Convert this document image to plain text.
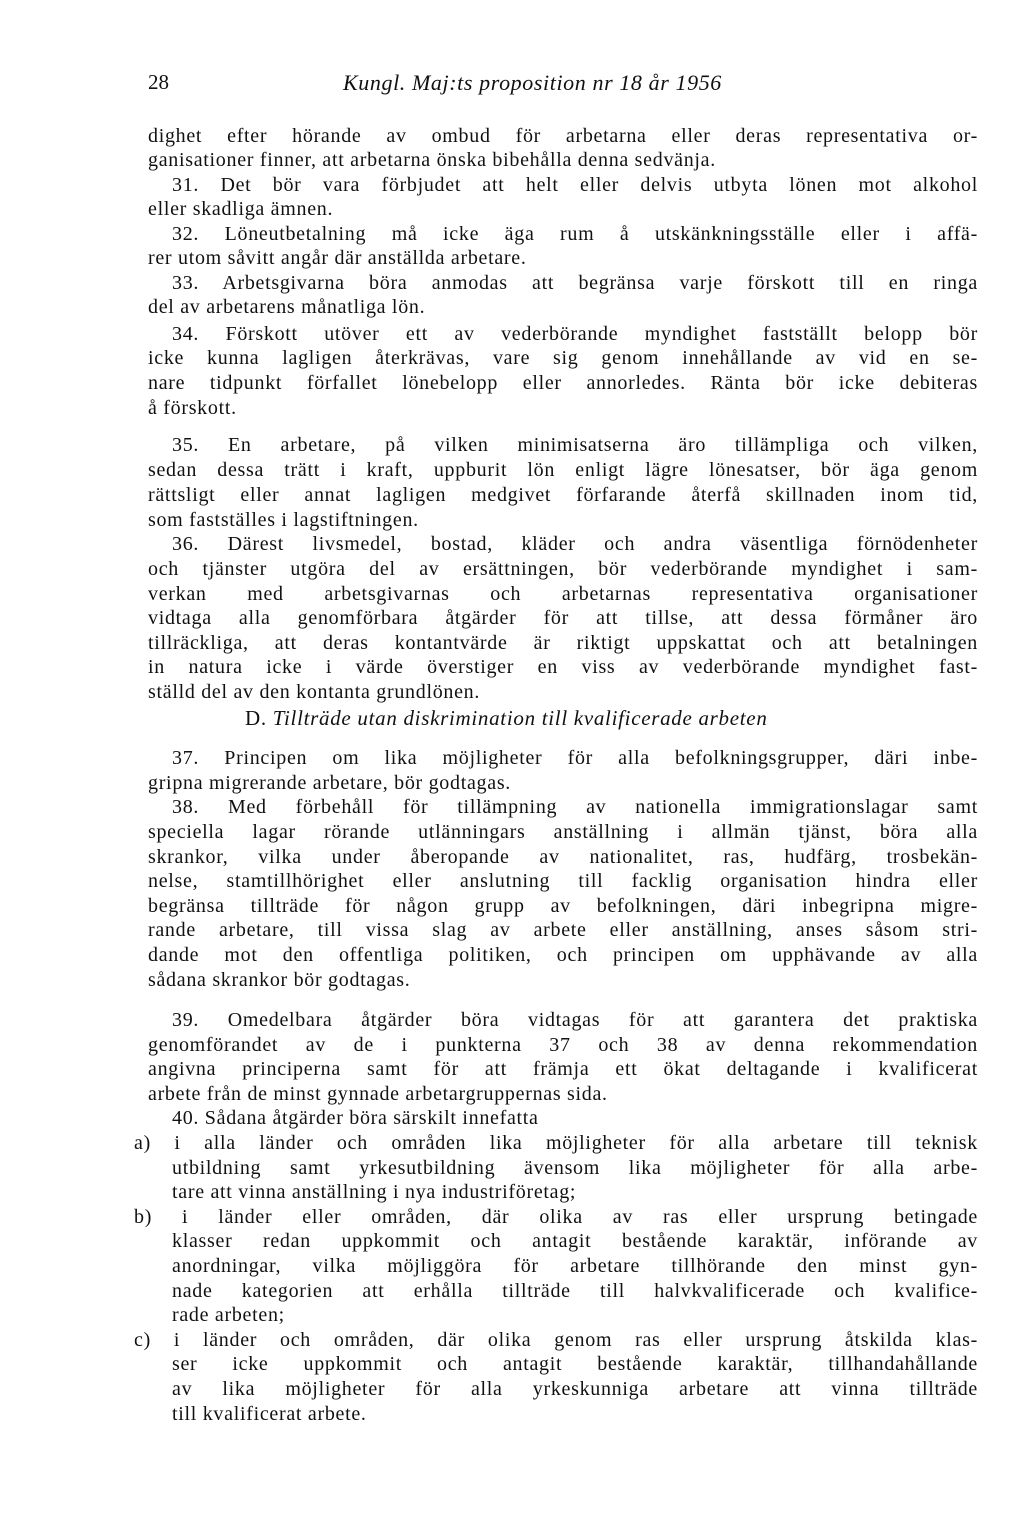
28	Kungl. Maj:ts proposition nr 18 år 1956
dighet efter hörande av ombud för arbetarna eller deras representativa or-
ganisationer finner, att arbetarna önska bibehålla denna sedvänja.
31. Det bör vara förbjudet att helt eller delvis utbyta lönen mot alkohol
eller skadliga ämnen.
32. Löneutbetalning må icke äga rum å utskänkningsställe eller i affä-
rer utom såvitt angår där anställda arbetare.
33. Arbetsgivarna böra anmodas att begränsa varje förskott till en ringa
del av arbetarens månatliga lön.
34. Förskott utöver ett av vederbörande myndighet fastställt belopp bör
icke kunna lagligen återkrävas, vare sig genom innehållande av vid en se-
nare tidpunkt förfallet lönebelopp eller annorledes. Ränta bör icke debiteras
å förskott.
35. En arbetare, på vilken minimisatserna äro tillämpliga och vilken,
sedan dessa trätt i kraft, uppburit lön enligt lägre lönesatser, bör äga genom
rättsligt eller annat lagligen medgivet förfarande återfå skillnaden inom tid,
som fastställes i lagstiftningen.
36. Därest livsmedel, bostad, kläder och andra väsentliga förnödenheter
och tjänster utgöra del av ersättningen, bör vederbörande myndighet i sam-
verkan med arbetsgivarnas och arbetarnas representativa organisationer
vidtaga alla genomförbara åtgärder för att tillse, att dessa förmåner äro
tillräckliga, att deras kontantvärde är riktigt uppskattat och att betalningen
in natura icke i värde överstiger en viss av vederbörande myndighet fast-
ställd del av den kontanta grundlönen.
D. Tillträde utan diskrimination till kvalificerade arbeten
37. Principen om lika möjligheter för alla befolkningsgrupper, däri inbe-
gripna migrerande arbetare, bör godtagas.
38. Med förbehåll för tillämpning av nationella immigrationslagar samt
speciella lagar rörande utlänningars anställning i allmän tjänst, böra alla
skrankor, vilka under åberopande av nationalitet, ras, hudfärg, trosbekän-
nelse, stamtillhörighet eller anslutning till facklig organisation hindra eller
begränsa tillträde för någon grupp av befolkningen, däri inbegripna migre-
rande arbetare, till vissa slag av arbete eller anställning, anses såsom stri-
dande mot den offentliga politiken, och principen om upphävande av alla
sådana skrankor bör godtagas.
39. Omedelbara åtgärder böra vidtagas för att garantera det praktiska
genomförandet av de i punkterna 37 och 38 av denna rekommendation
angivna principerna samt för att främja ett ökat deltagande i kvalificerat
arbete från de minst gynnade arbetargruppernas sida.
40. Sådana åtgärder böra särskilt innefatta
a) i alla länder och områden lika möjligheter för alla arbetare till teknisk
utbildning samt yrkesutbildning ävensom lika möjligheter för alla arbe-
tare att vinna anställning i nya industriföretag;
b) i länder eller områden, där olika av ras eller ursprung betingade
klasser redan uppkommit och antagit bestående karaktär, införande av
anordningar, vilka möjliggöra för arbetare tillhörande den minst gyn-
nade kategorien att erhålla tillträde till halvkvalificerade och kvalifice-
rade arbeten;
c) i länder och områden, där olika genom ras eller ursprung åtskilda klas-
ser icke uppkommit och antagit bestående karaktär, tillhandahållande
av lika möjligheter för alla yrkeskunniga arbetare att vinna tillträde
till kvalificerat arbete.
